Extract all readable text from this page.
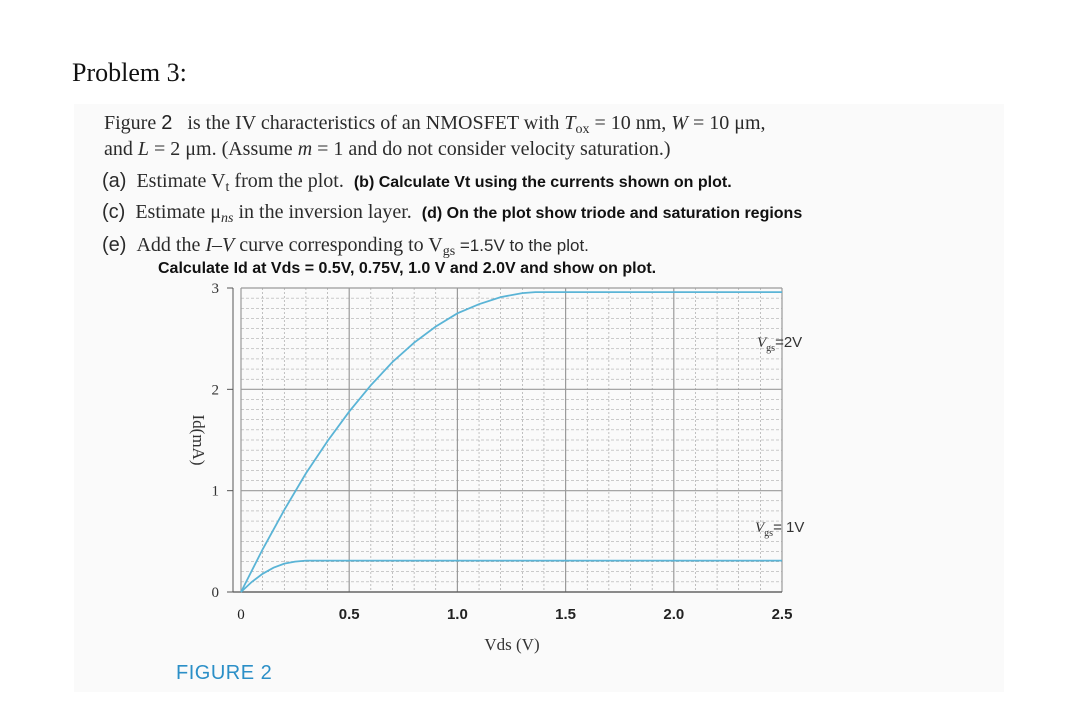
Problem 3:
Figure 2 is the IV characteristics of an NMOSFET with $T_{ox} = 10$ nm, W = 10 μm,
and L = 2 μm. (Assume m = 1 and do not consider velocity saturation.)
(a) Estimate $V_t$ from the plot. (b) Calculate Vt using the currents shown on plot.
(c) Estimate $\mu_{ns}$ in the inversion layer. (d) On the plot show triode and saturation regions
(e) Add the I–V curve corresponding to $V_{gs} =1.5V$ to the plot.
Calculate Id at Vds = 0.5V, 0.75V, 1.0 V and 2.0V and show on plot.
0
1
2
3
0	0.5	1.0	1.5	2.0	2.5
Vds (V)
Id(mA)
$V_{gs}=2V$
$V_{gs}= 1V$
FIGURE 2
